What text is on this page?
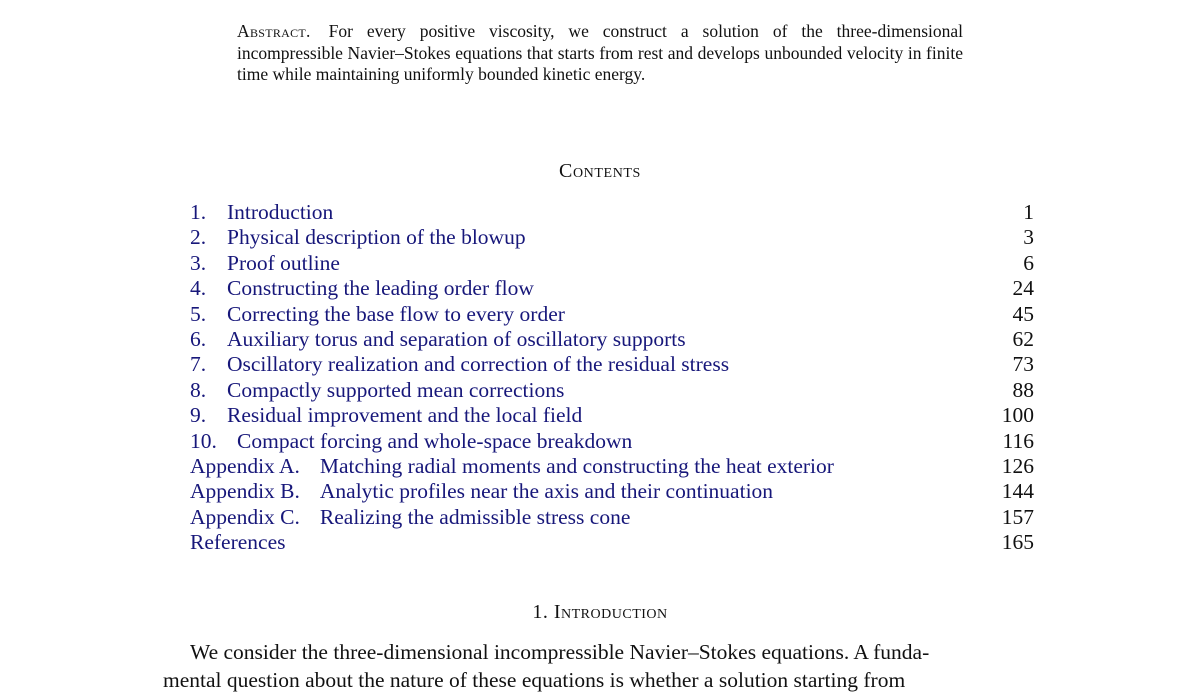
Abstract. For every positive viscosity, we construct a solution of the three-dimensional incompressible Navier–Stokes equations that starts from rest and develops unbounded velocity in finite time while maintaining uniformly bounded kinetic energy.
Contents
1. Introduction	1
2. Physical description of the blowup	3
3. Proof outline	6
4. Constructing the leading order flow	24
5. Correcting the base flow to every order	45
6. Auxiliary torus and separation of oscillatory supports	62
7. Oscillatory realization and correction of the residual stress	73
8. Compactly supported mean corrections	88
9. Residual improvement and the local field	100
10. Compact forcing and whole-space breakdown	116
Appendix A. Matching radial moments and constructing the heat exterior	126
Appendix B. Analytic profiles near the axis and their continuation	144
Appendix C. Realizing the admissible stress cone	157
References	165
1. Introduction

We consider the three-dimensional incompressible Navier–Stokes equations. A funda-
mental question about the nature of these equations is whether a solution starting from
